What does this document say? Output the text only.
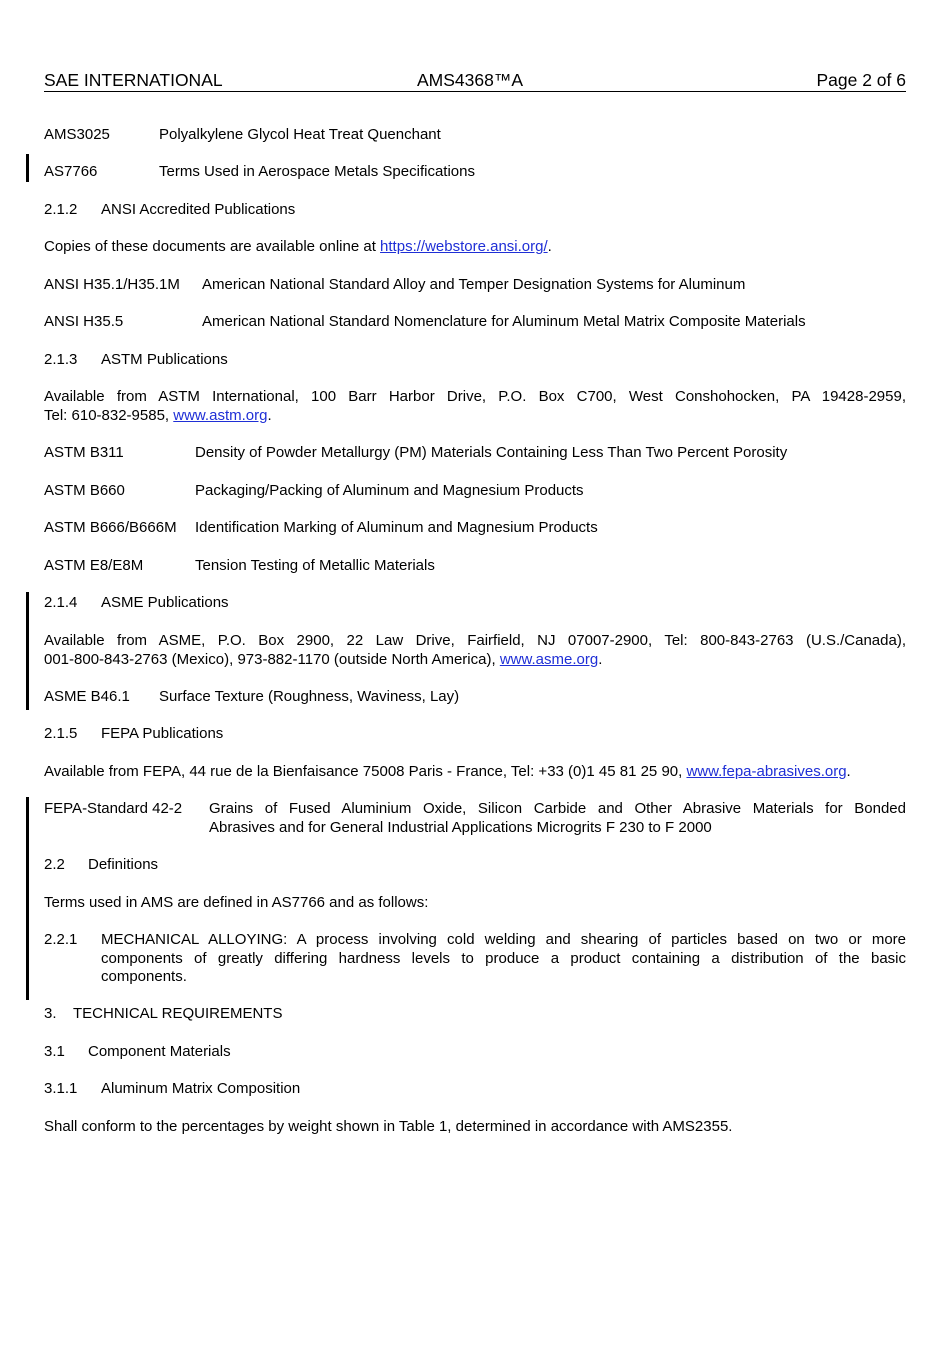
SAE INTERNATIONAL	AMS4368™A	Page 2 of 6
AMS3025	Polyalkylene Glycol Heat Treat Quenchant
AS7766	Terms Used in Aerospace Metals Specifications
2.1.2 ANSI Accredited Publications
Copies of these documents are available online at https://webstore.ansi.org/.
ANSI H35.1/H35.1M American National Standard Alloy and Temper Designation Systems for Aluminum
ANSI H35.5	American National Standard Nomenclature for Aluminum Metal Matrix Composite Materials
2.1.3 ASTM Publications
Available from ASTM International, 100 Barr Harbor Drive, P.O. Box C700, West Conshohocken, PA 19428-2959,
Tel: 610-832-9585, www.astm.org.
ASTM B311	Density of Powder Metallurgy (PM) Materials Containing Less Than Two Percent Porosity
ASTM B660	Packaging/Packing of Aluminum and Magnesium Products
ASTM B666/B666M Identification Marking of Aluminum and Magnesium Products
ASTM E8/E8M	Tension Testing of Metallic Materials
2.1.4 ASME Publications
Available from ASME, P.O. Box 2900, 22 Law Drive, Fairfield, NJ 07007-2900, Tel: 800-843-2763 (U.S./Canada),
001-800-843-2763 (Mexico), 973-882-1170 (outside North America), www.asme.org.
ASME B46.1 Surface Texture (Roughness, Waviness, Lay)
2.1.5 FEPA Publications
Available from FEPA, 44 rue de la Bienfaisance 75008 Paris - France, Tel: +33 (0)1 45 81 25 90, www.fepa-abrasives.org.
FEPA-Standard 42-2 Grains of Fused Aluminium Oxide, Silicon Carbide and Other Abrasive Materials for Bonded
Abrasives and for General Industrial Applications Microgrits F 230 to F 2000
2.2 Definitions
Terms used in AMS are defined in AS7766 and as follows:
2.2.1 MECHANICAL ALLOYING: A process involving cold welding and shearing of particles based on two or more
components of greatly differing hardness levels to produce a product containing a distribution of the basic
components.
3. TECHNICAL REQUIREMENTS
3.1 Component Materials
3.1.1 Aluminum Matrix Composition
Shall conform to the percentages by weight shown in Table 1, determined in accordance with AMS2355.
